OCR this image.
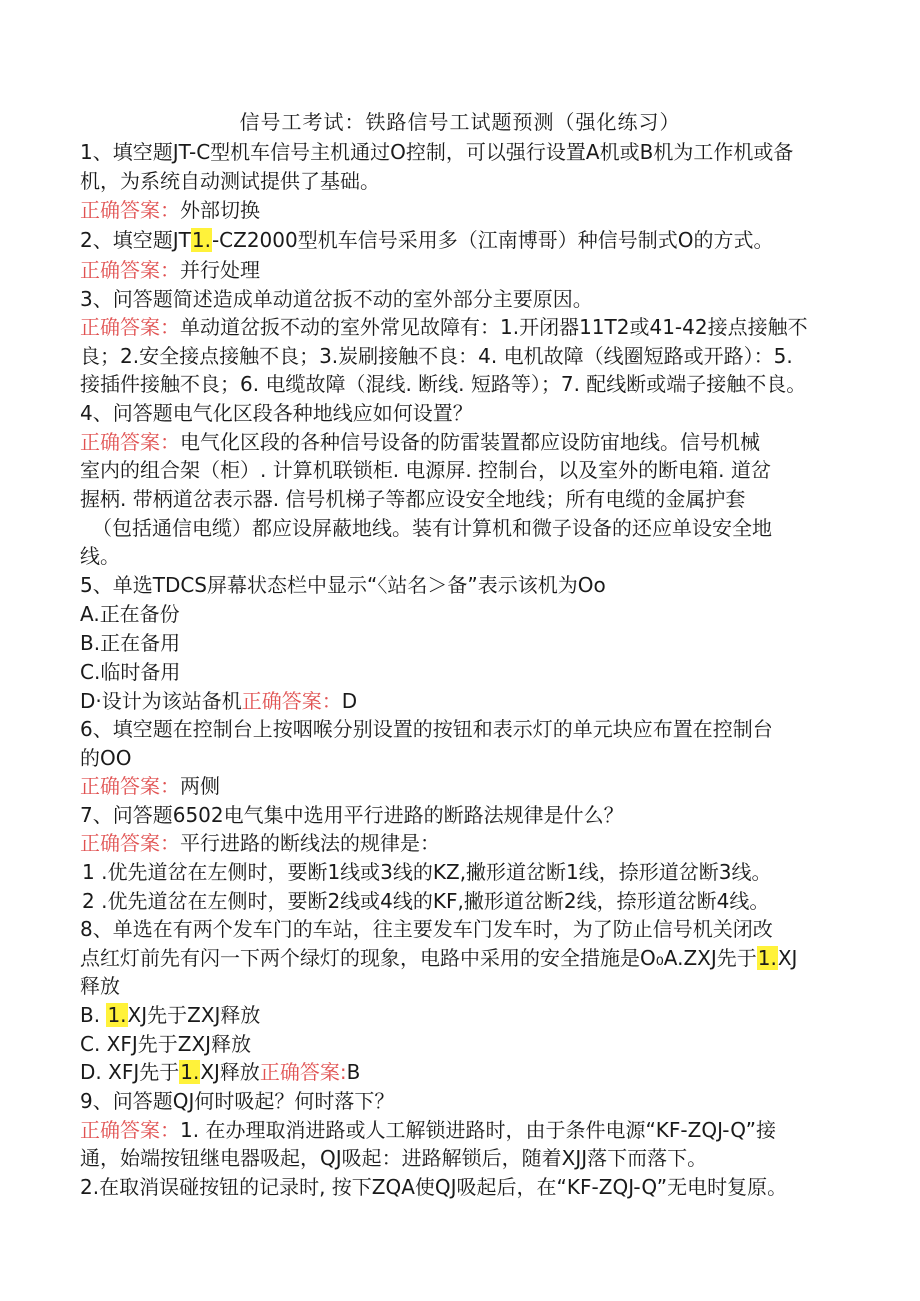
信号工考试：铁路信号工试题预测（强化练习）
1、填空题JT-C型机车信号主机通过O控制，可以强行设置A机或B机为工作机或备
机，为系统自动测试提供了基础。
正确答案：外部切换
2、填空题JT1.-CZ2000型机车信号采用多（江南博哥）种信号制式O的方式。
正确答案：并行处理
3、问答题简述造成单动道岔扳不动的室外部分主要原因。
正确答案：单动道岔扳不动的室外常见故障有：1.开闭器11T2或41-42接点接触不
良；2.安全接点接触不良；3.炭刷接触不良：4. 电机故障（线圈短路或开路）：5.
接插件接触不良；6. 电缆故障（混线. 断线. 短路等）；7. 配线断或端子接触不良。
4、问答题电气化区段各种地线应如何设置？
正确答案：电气化区段的各种信号设备的防雷装置都应设防宙地线。信号机械
室内的组合架（柜）. 计算机联锁柜. 电源屏. 控制台，以及室外的断电箱. 道岔
握柄. 带柄道岔表示器. 信号机梯子等都应设安全地线；所有电缆的金属护套
（包括通信电缆）都应设屏蔽地线。装有计算机和微子设备的还应单设安全地
线。
5、单选TDCS屏幕状态栏中显示“〈站名＞备”表示该机为Oo
A.正在备份
B.正在备用
C.临时备用
D·设计为该站备机正确答案：D
6、填空题在控制台上按咽喉分别设置的按钮和表示灯的单元块应布置在控制台
的OO
正确答案：两侧
7、问答题6502电气集中选用平行进路的断路法规律是什么？
正确答案：平行进路的断线法的规律是：
1 .优先道岔在左侧时，要断1线或3线的KZ,撇形道岔断1线，捺形道岔断3线。
2 .优先道岔在左侧时，要断2线或4线的KF,撇形道岔断2线，捺形道岔断4线。
8、单选在有两个发车门的车站，往主要发车门发车时，为了防止信号机关闭改
点红灯前先有闪一下两个绿灯的现象，电路中采用的安全措施是O₀A.ZXJ先于1.XJ
释放
B. 1.XJ先于ZXJ释放
C. XFJ先于ZXJ释放
D. XFJ先于1.XJ释放正确答案:B
9、问答题QJ何时吸起？何时落下？
正确答案：1. 在办理取消进路或人工解锁进路时，由于条件电源“KF-ZQJ-Q”接
通，始端按钮继电器吸起，QJ吸起：进路解锁后，随着XJJ落下而落下。
2.在取消误碰按钮的记录时, 按下ZQA使QJ吸起后，在“KF-ZQJ-Q”无电时复原。
